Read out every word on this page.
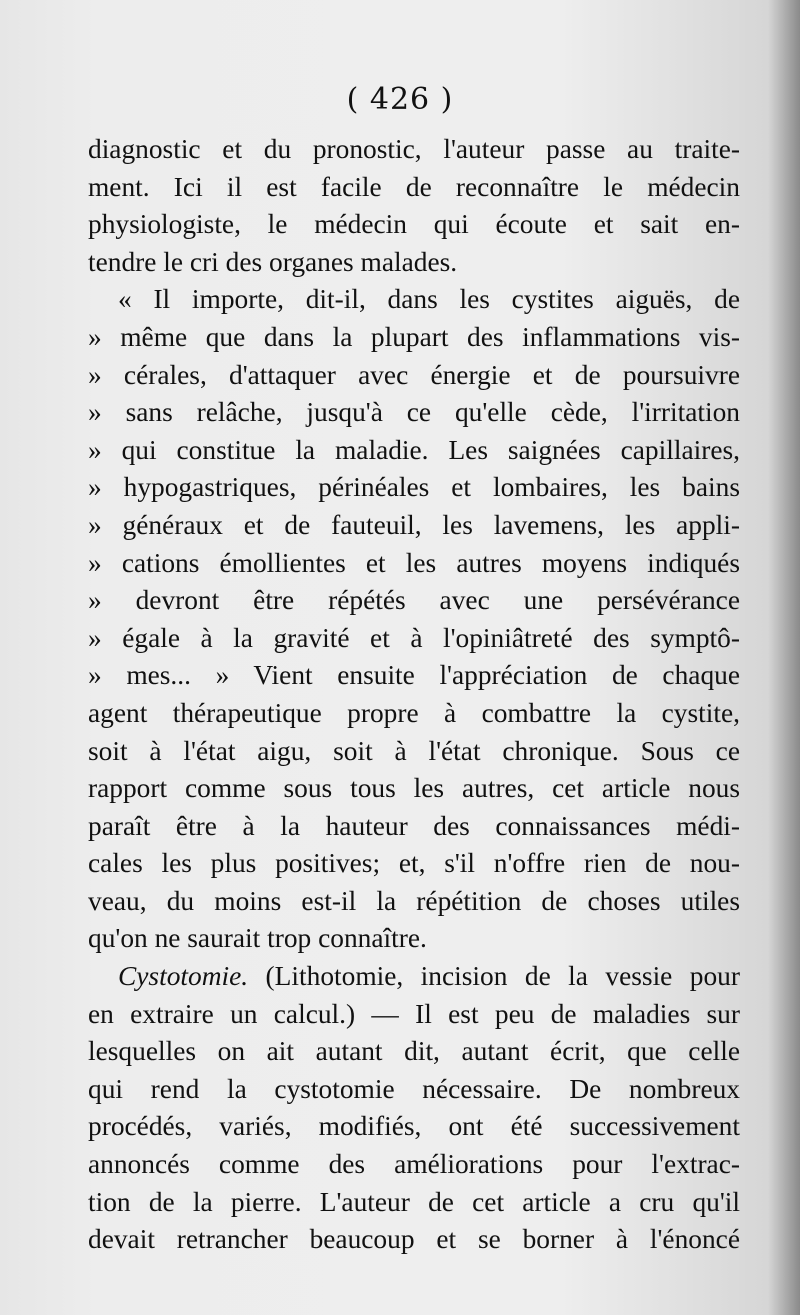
( 426 )
diagnostic et du pronostic, l'auteur passe au traite-
ment. Ici il est facile de reconnaître le médecin
physiologiste, le médecin qui écoute et sait en-
tendre le cri des organes malades.
« Il importe, dit-il, dans les cystites aiguës, de
» même que dans la plupart des inflammations vis-
» cérales, d'attaquer avec énergie et de poursuivre
» sans relâche, jusqu'à ce qu'elle cède, l'irritation
» qui constitue la maladie. Les saignées capillaires,
» hypogastriques, périnéales et lombaires, les bains
» généraux et de fauteuil, les lavemens, les appli-
» cations émollientes et les autres moyens indiqués
» devront être répétés avec une persévérance
» égale à la gravité et à l'opiniâtreté des symptô-
» mes... » Vient ensuite l'appréciation de chaque
agent thérapeutique propre à combattre la cystite,
soit à l'état aigu, soit à l'état chronique. Sous ce
rapport comme sous tous les autres, cet article nous
paraît être à la hauteur des connaissances médi-
cales les plus positives; et, s'il n'offre rien de nou-
veau, du moins est-il la répétition de choses utiles
qu'on ne saurait trop connaître.
Cystotomie. (Lithotomie, incision de la vessie pour
en extraire un calcul.) — Il est peu de maladies sur
lesquelles on ait autant dit, autant écrit, que celle
qui rend la cystotomie nécessaire. De nombreux
procédés, variés, modifiés, ont été successivement
annoncés comme des améliorations pour l'extrac-
tion de la pierre. L'auteur de cet article a cru qu'il
devait retrancher beaucoup et se borner à l'énoncé
